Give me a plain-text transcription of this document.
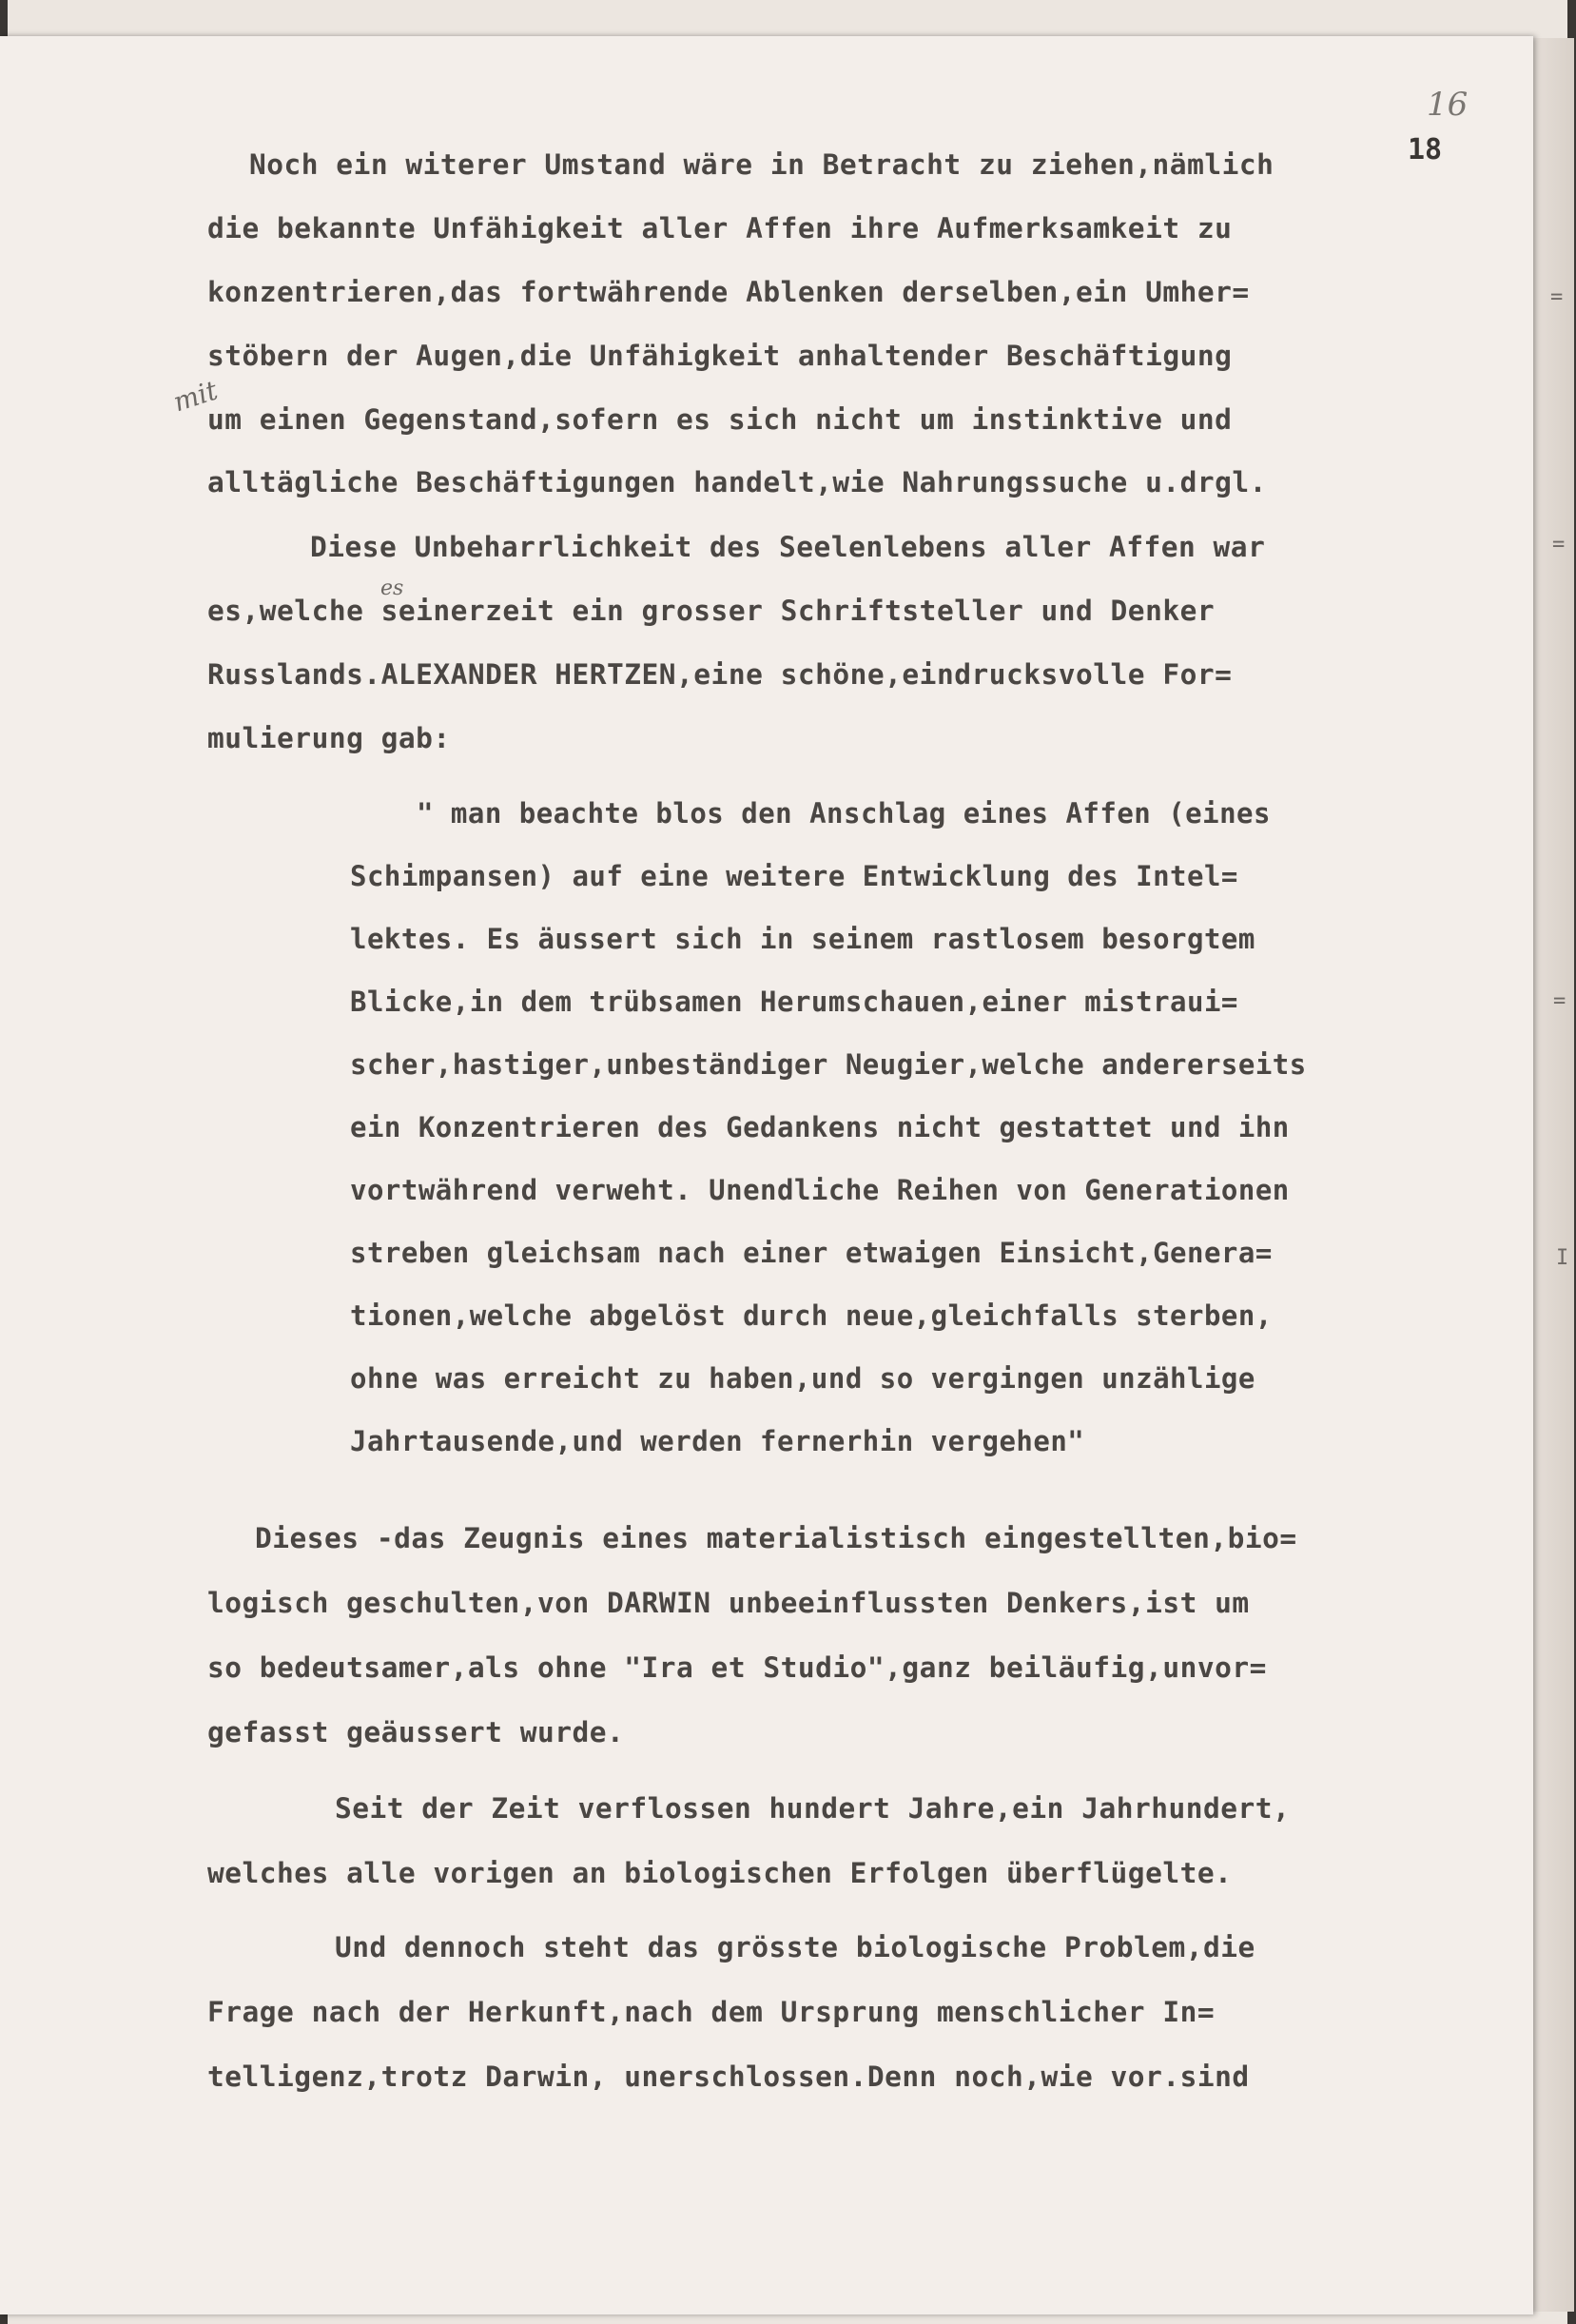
16
18
mit
es
Noch ein witerer Umstand wäre in Betracht zu ziehen,nämlich
die bekannte Unfähigkeit aller Affen ihre Aufmerksamkeit zu
konzentrieren,das fortwährende Ablenken derselben,ein Umher=
stöbern der Augen,die Unfähigkeit anhaltender Beschäftigung
um einen Gegenstand,sofern es sich nicht um instinktive und
alltägliche Beschäftigungen handelt,wie Nahrungssuche u.drgl.
Diese Unbeharrlichkeit des Seelenlebens aller Affen war
es,welche seinerzeit ein grosser Schriftsteller und Denker
Russlands.ALEXANDER HERTZEN,eine schöne,eindrucksvolle For=
mulierung gab:
" man beachte blos den Anschlag eines Affen (eines
Schimpansen) auf eine weitere Entwicklung des Intel=
lektes. Es äussert sich in seinem rastlosem besorgtem
Blicke,in dem trübsamen Herumschauen,einer mistraui=
scher,hastiger,unbeständiger Neugier,welche andererseits
ein Konzentrieren des Gedankens nicht gestattet und ihn
vortwährend verweht. Unendliche Reihen von Generationen
streben gleichsam nach einer etwaigen Einsicht,Genera=
tionen,welche abgelöst durch neue,gleichfalls sterben,
ohne was erreicht zu haben,und so vergingen unzählige
Jahrtausende,und werden fernerhin vergehen"
Dieses -das Zeugnis eines materialistisch eingestellten,bio=
logisch geschulten,von DARWIN unbeeinflussten Denkers,ist um
so bedeutsamer,als ohne "Ira et Studio",ganz beiläufig,unvor=
gefasst geäussert wurde.
Seit der Zeit verflossen hundert Jahre,ein Jahrhundert,
welches alle vorigen an biologischen Erfolgen überflügelte.
Und dennoch steht das grösste biologische Problem,die
Frage nach der Herkunft,nach dem Ursprung menschlicher In=
telligenz,trotz Darwin, unerschlossen.Denn noch,wie vor.sind
=
=
=
I
